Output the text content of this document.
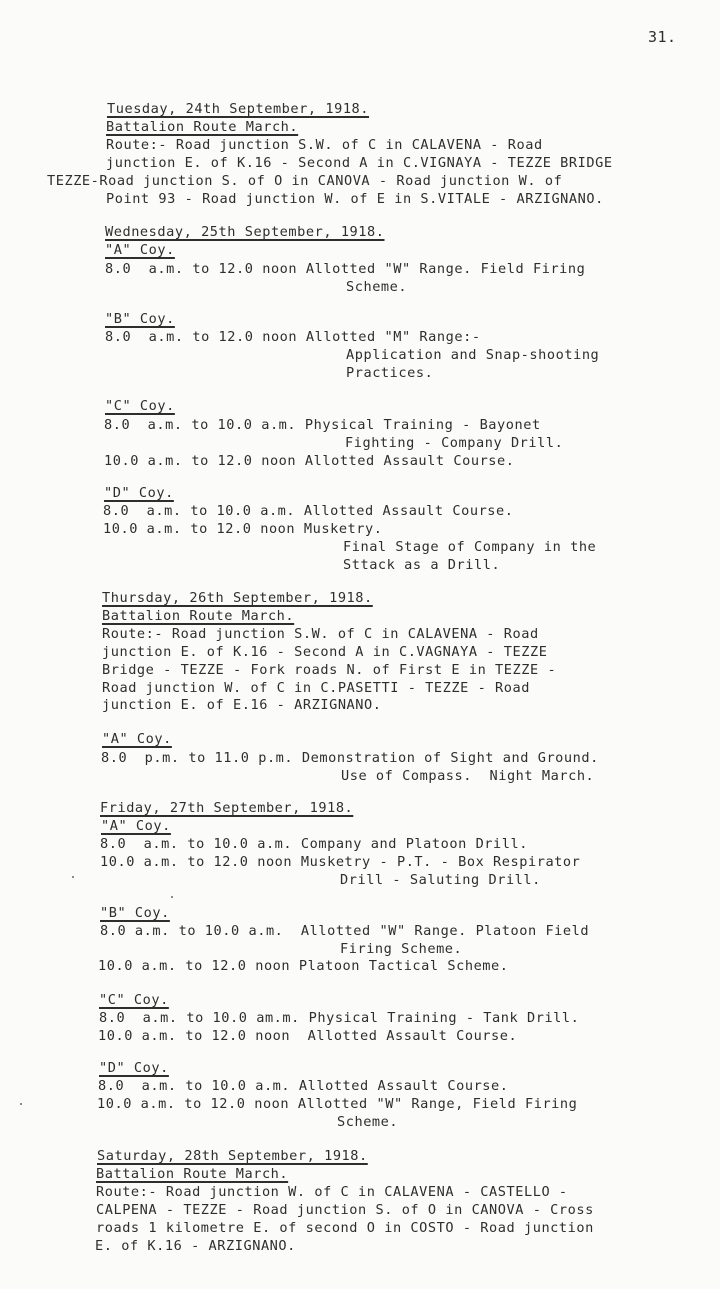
31.
Tuesday, 24th September, 1918.
Battalion Route March.
Route:- Road junction S.W. of C in CALAVENA - Road
junction E. of K.16 - Second A in C.VIGNAYA - TEZZE BRIDGE
TEZZE-Road junction S. of O in CANOVA - Road junction W. of
Point 93 - Road junction W. of E in S.VITALE - ARZIGNANO.
Wednesday, 25th September, 1918.
"A" Coy.
8.0  a.m. to 12.0 noon Allotted "W" Range. Field Firing
Scheme.
"B" Coy.
8.0  a.m. to 12.0 noon Allotted "M" Range:-
Application and Snap-shooting
Practices.
"C" Coy.
8.0  a.m. to 10.0 a.m. Physical Training - Bayonet
Fighting - Company Drill.
10.0 a.m. to 12.0 noon Allotted Assault Course.
"D" Coy.
8.0  a.m. to 10.0 a.m. Allotted Assault Course.
10.0 a.m. to 12.0 noon Musketry.
Final Stage of Company in the
Sttack as a Drill.
Thursday, 26th September, 1918.
Battalion Route March.
Route:- Road junction S.W. of C in CALAVENA - Road
junction E. of K.16 - Second A in C.VAGNAYA - TEZZE
Bridge - TEZZE - Fork roads N. of First E in TEZZE -
Road junction W. of C in C.PASETTI - TEZZE - Road
junction E. of E.16 - ARZIGNANO.
"A" Coy.
8.0  p.m. to 11.0 p.m. Demonstration of Sight and Ground.
Use of Compass.  Night March.
Friday, 27th September, 1918.
"A" Coy.
8.0  a.m. to 10.0 a.m. Company and Platoon Drill.
10.0 a.m. to 12.0 noon Musketry - P.T. - Box Respirator
Drill - Saluting Drill.
"B" Coy.
8.0 a.m. to 10.0 a.m.  Allotted "W" Range. Platoon Field
Firing Scheme.
10.0 a.m. to 12.0 noon Platoon Tactical Scheme.
"C" Coy.
8.0  a.m. to 10.0 am.m. Physical Training - Tank Drill.
10.0 a.m. to 12.0 noon  Allotted Assault Course.
"D" Coy.
8.0  a.m. to 10.0 a.m. Allotted Assault Course.
10.0 a.m. to 12.0 noon Allotted "W" Range, Field Firing
Scheme.
Saturday, 28th September, 1918.
Battalion Route March.
Route:- Road junction W. of C in CALAVENA - CASTELLO -
CALPENA - TEZZE - Road junction S. of O in CANOVA - Cross
roads 1 kilometre E. of second O in COSTO - Road junction
E. of K.16 - ARZIGNANO.
